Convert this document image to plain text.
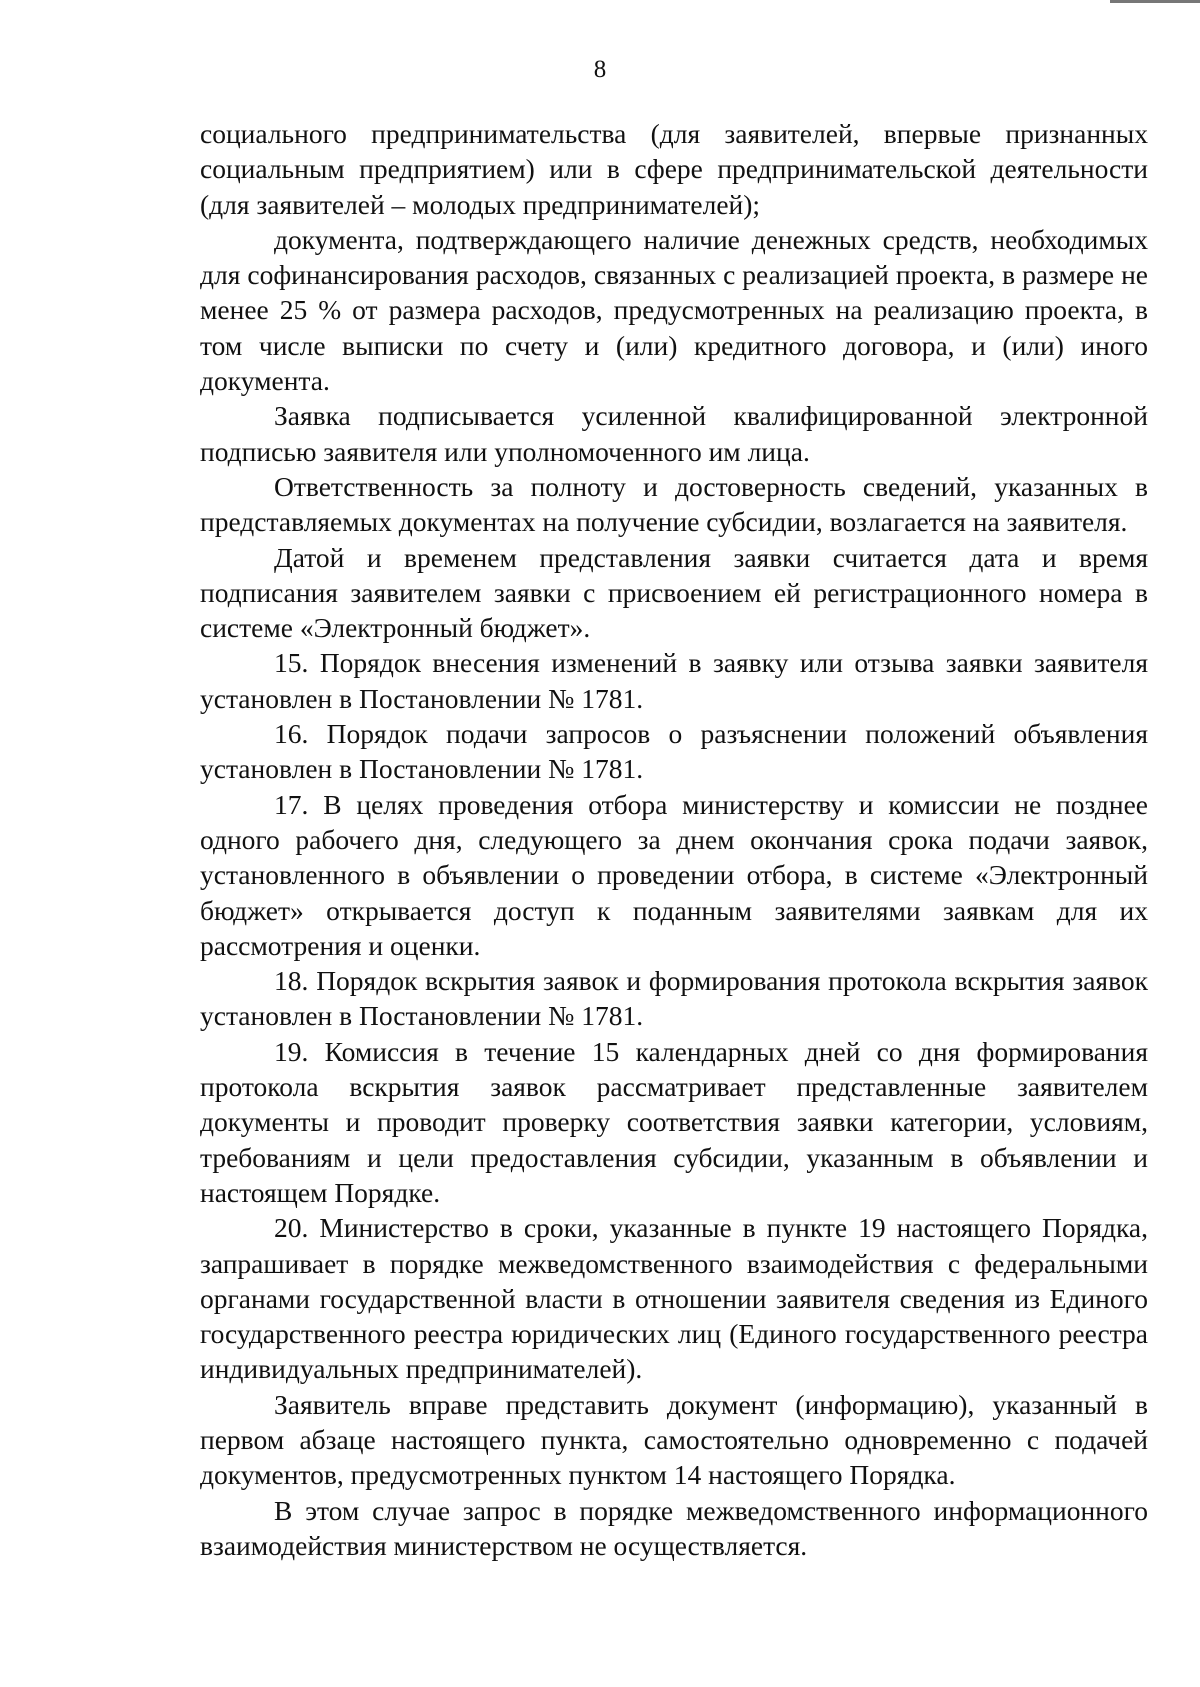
8

социального предпринимательства (для заявителей, впервые признанных социальным предприятием) или в сфере предпринимательской деятельности (для заявителей – молодых предпринимателей);

документа, подтверждающего наличие денежных средств, необходимых для софинансирования расходов, связанных с реализацией проекта, в размере не менее 25 % от размера расходов, предусмотренных на реализацию проекта, в том числе выписки по счету и (или) кредитного договора, и (или) иного документа.

Заявка подписывается усиленной квалифицированной электронной подписью заявителя или уполномоченного им лица.

Ответственность за полноту и достоверность сведений, указанных в представляемых документах на получение субсидии, возлагается на заявителя.

Датой и временем представления заявки считается дата и время подписания заявителем заявки с присвоением ей регистрационного номера в системе «Электронный бюджет».

15. Порядок внесения изменений в заявку или отзыва заявки заявителя установлен в Постановлении № 1781.

16. Порядок подачи запросов о разъяснении положений объявления установлен в Постановлении № 1781.

17. В целях проведения отбора министерству и комиссии не позднее одного рабочего дня, следующего за днем окончания срока подачи заявок, установленного в объявлении о проведении отбора, в системе «Электронный бюджет» открывается доступ к поданным заявителями заявкам для их рассмотрения и оценки.

18. Порядок вскрытия заявок и формирования протокола вскрытия заявок установлен в Постановлении № 1781.

19. Комиссия в течение 15 календарных дней со дня формирования протокола вскрытия заявок рассматривает представленные заявителем документы и проводит проверку соответствия заявки категории, условиям, требованиям и цели предоставления субсидии, указанным в объявлении и настоящем Порядке.

20. Министерство в сроки, указанные в пункте 19 настоящего Порядка, запрашивает в порядке межведомственного взаимодействия с федеральными органами государственной власти в отношении заявителя сведения из Единого государственного реестра юридических лиц (Единого государственного реестра индивидуальных предпринимателей).

Заявитель вправе представить документ (информацию), указанный в первом абзаце настоящего пункта, самостоятельно одновременно с подачей документов, предусмотренных пунктом 14 настоящего Порядка.

В этом случае запрос в порядке межведомственного информационного взаимодействия министерством не осуществляется.
